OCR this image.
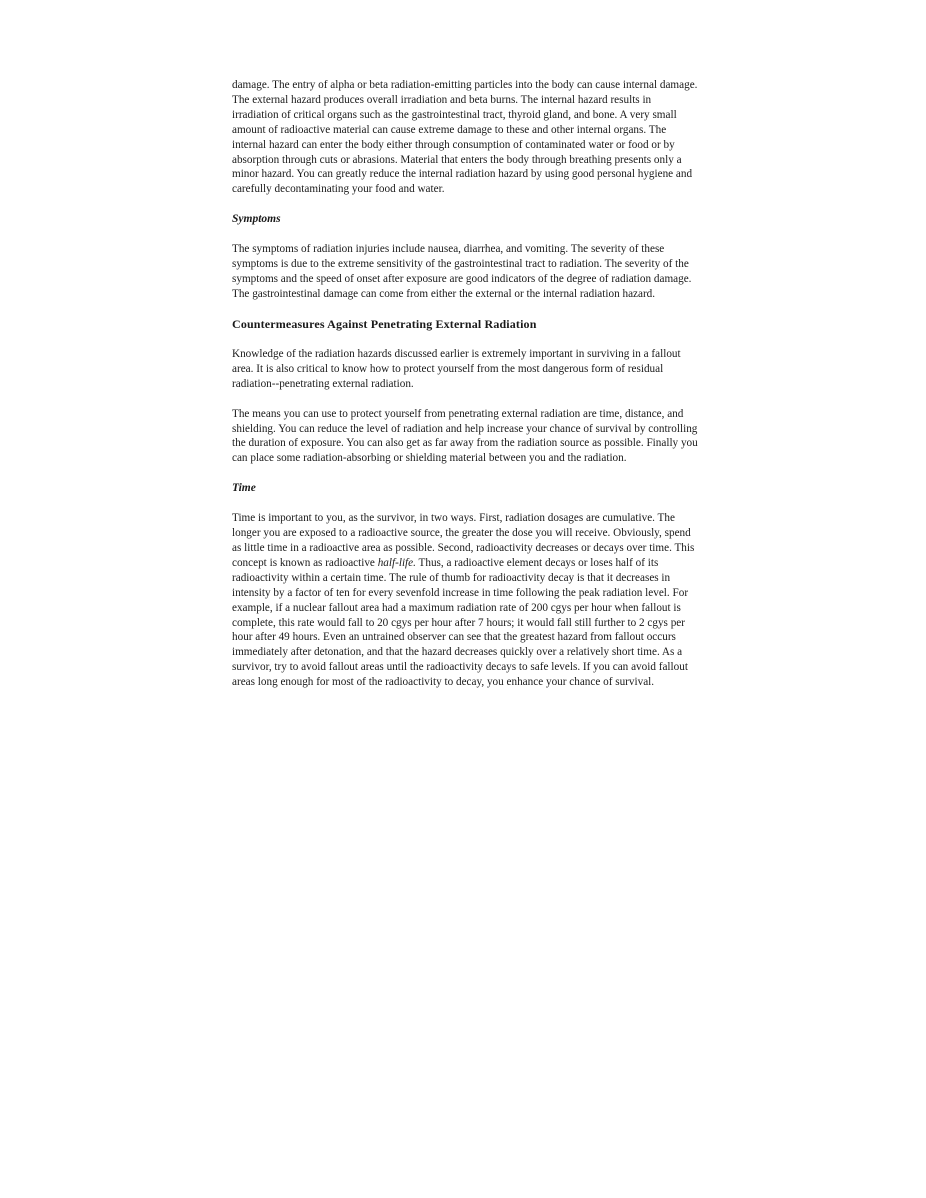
damage. The entry of alpha or beta radiation-emitting particles into the body can cause internal damage. The external hazard produces overall irradiation and beta burns. The internal hazard results in irradiation of critical organs such as the gastrointestinal tract, thyroid gland, and bone. A very small amount of radioactive material can cause extreme damage to these and other internal organs. The internal hazard can enter the body either through consumption of contaminated water or food or by absorption through cuts or abrasions. Material that enters the body through breathing presents only a minor hazard. You can greatly reduce the internal radiation hazard by using good personal hygiene and carefully decontaminating your food and water.

Symptoms

The symptoms of radiation injuries include nausea, diarrhea, and vomiting. The severity of these symptoms is due to the extreme sensitivity of the gastrointestinal tract to radiation. The severity of the symptoms and the speed of onset after exposure are good indicators of the degree of radiation damage. The gastrointestinal damage can come from either the external or the internal radiation hazard.

Countermeasures Against Penetrating External Radiation

Knowledge of the radiation hazards discussed earlier is extremely important in surviving in a fallout area. It is also critical to know how to protect yourself from the most dangerous form of residual radiation--penetrating external radiation.

The means you can use to protect yourself from penetrating external radiation are time, distance, and shielding. You can reduce the level of radiation and help increase your chance of survival by controlling the duration of exposure. You can also get as far away from the radiation source as possible. Finally you can place some radiation-absorbing or shielding material between you and the radiation.

Time

Time is important to you, as the survivor, in two ways. First, radiation dosages are cumulative. The longer you are exposed to a radioactive source, the greater the dose you will receive. Obviously, spend as little time in a radioactive area as possible. Second, radioactivity decreases or decays over time. This concept is known as radioactive half-life. Thus, a radioactive element decays or loses half of its radioactivity within a certain time. The rule of thumb for radioactivity decay is that it decreases in intensity by a factor of ten for every sevenfold increase in time following the peak radiation level. For example, if a nuclear fallout area had a maximum radiation rate of 200 cgys per hour when fallout is complete, this rate would fall to 20 cgys per hour after 7 hours; it would fall still further to 2 cgys per hour after 49 hours. Even an untrained observer can see that the greatest hazard from fallout occurs immediately after detonation, and that the hazard decreases quickly over a relatively short time. As a survivor, try to avoid fallout areas until the radioactivity decays to safe levels. If you can avoid fallout areas long enough for most of the radioactivity to decay, you enhance your chance of survival.
